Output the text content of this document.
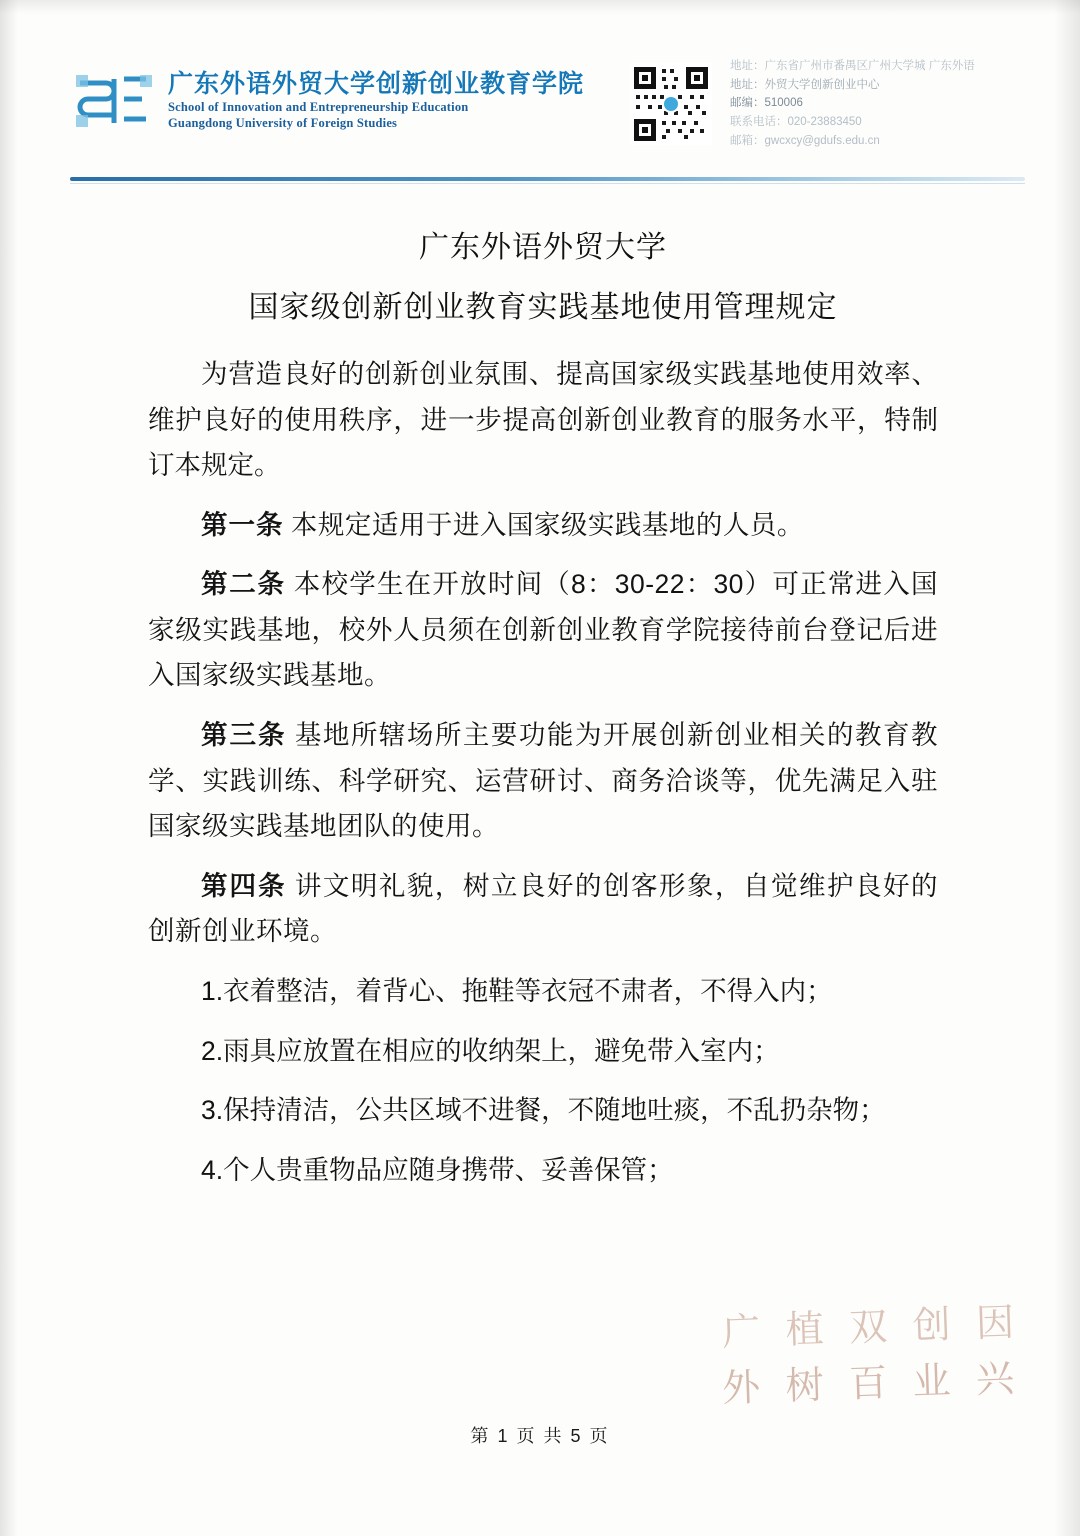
广东外语外贸大学创新创业教育学院
School of Innovation and Entrepreneurship Education
Guangdong University of Foreign Studies
地址：广东省广州市番禺区广州大学城 广东外语
地址：外贸大学创新创业中心
邮编：510006
联系电话：020-23883450
邮箱：gwcxcy@gdufs.edu.cn
广东外语外贸大学
国家级创新创业教育实践基地使用管理规定

为营造良好的创新创业氛围、提高国家级实践基地使用效率、维护良好的使用秩序，进一步提高创新创业教育的服务水平，特制订本规定。

第一条 本规定适用于进入国家级实践基地的人员。

第二条 本校学生在开放时间（8：30-22：30）可正常进入国家级实践基地，校外人员须在创新创业教育学院接待前台登记后进入国家级实践基地。

第三条 基地所辖场所主要功能为开展创新创业相关的教育教学、实践训练、科学研究、运营研讨、商务洽谈等，优先满足入驻国家级实践基地团队的使用。

第四条 讲文明礼貌，树立良好的创客形象，自觉维护良好的创新创业环境。

1.衣着整洁，着背心、拖鞋等衣冠不肃者，不得入内；

2.雨具应放置在相应的收纳架上，避免带入室内；

3.保持清洁，公共区域不进餐，不随地吐痰，不乱扔杂物；

4.个人贵重物品应随身携带、妥善保管；

广 植 双 创 因
外 树 百 业 兴
第 1 页 共 5 页
